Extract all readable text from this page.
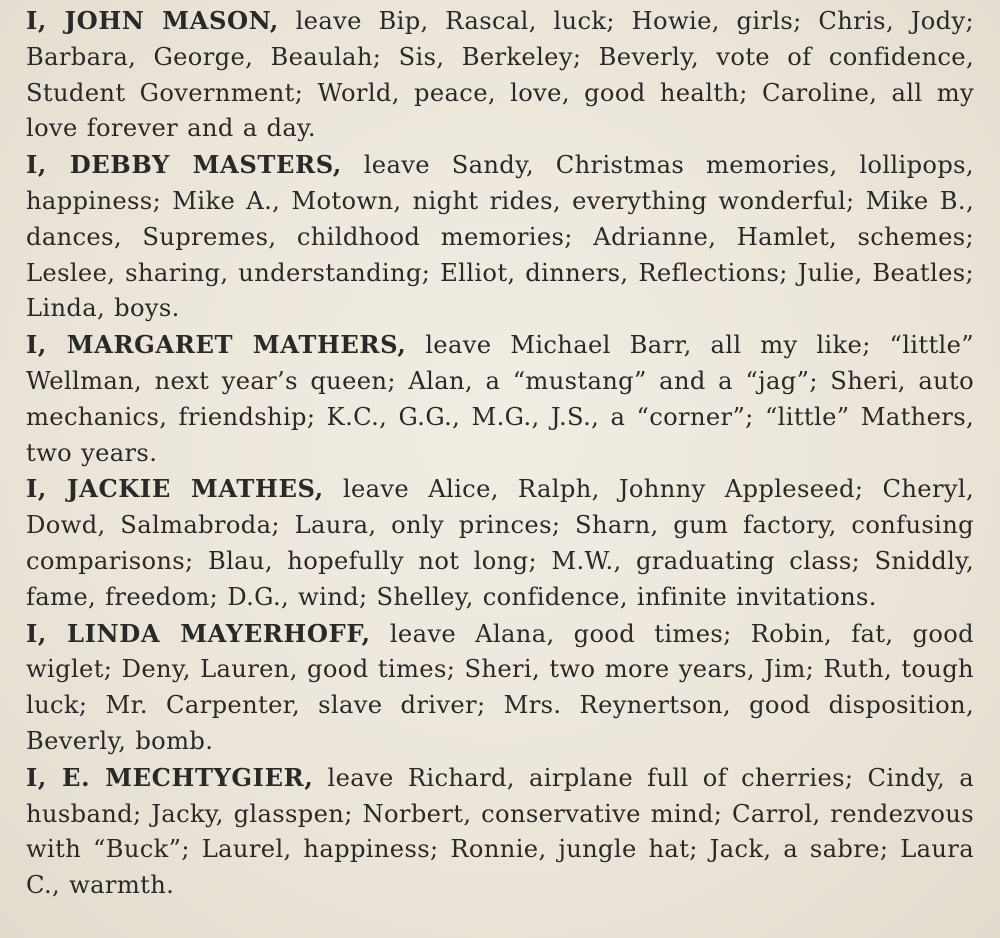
I, JOHN MASON, leave Bip, Rascal, luck; Howie, girls; Chris, Jody; Barbara, George, Beaulah; Sis, Berkeley; Beverly, vote of confidence, Student Government; World, peace, love, good health; Caroline, all my love forever and a day.

I, DEBBY MASTERS, leave Sandy, Christmas memories, lollipops, happiness; Mike A., Motown, night rides, everything wonderful; Mike B., dances, Supremes, childhood memories; Adrianne, Hamlet, schemes; Leslee, sharing, understanding; Elliot, dinners, Reflections; Julie, Beatles; Linda, boys.

I, MARGARET MATHERS, leave Michael Barr, all my like; “little” Wellman, next year’s queen; Alan, a “mustang” and a “jag”; Sheri, auto mechanics, friendship; K.C., G.G., M.G., J.S., a “corner”; “little” Mathers, two years.

I, JACKIE MATHES, leave Alice, Ralph, Johnny Appleseed; Cheryl, Dowd, Salmabroda; Laura, only princes; Sharn, gum factory, confusing comparisons; Blau, hopefully not long; M.W., graduating class; Sniddly, fame, freedom; D.G., wind; Shelley, confidence, infinite invitations.

I, LINDA MAYERHOFF, leave Alana, good times; Robin, fat, good wiglet; Deny, Lauren, good times; Sheri, two more years, Jim; Ruth, tough luck; Mr. Carpenter, slave driver; Mrs. Reynertson, good disposition, Beverly, bomb.

I, E. MECHTYGIER, leave Richard, airplane full of cherries; Cindy, a husband; Jacky, glasspen; Norbert, conservative mind; Carrol, rendezvous with “Buck”; Laurel, happiness; Ronnie, jungle hat; Jack, a sabre; Laura C., warmth.
